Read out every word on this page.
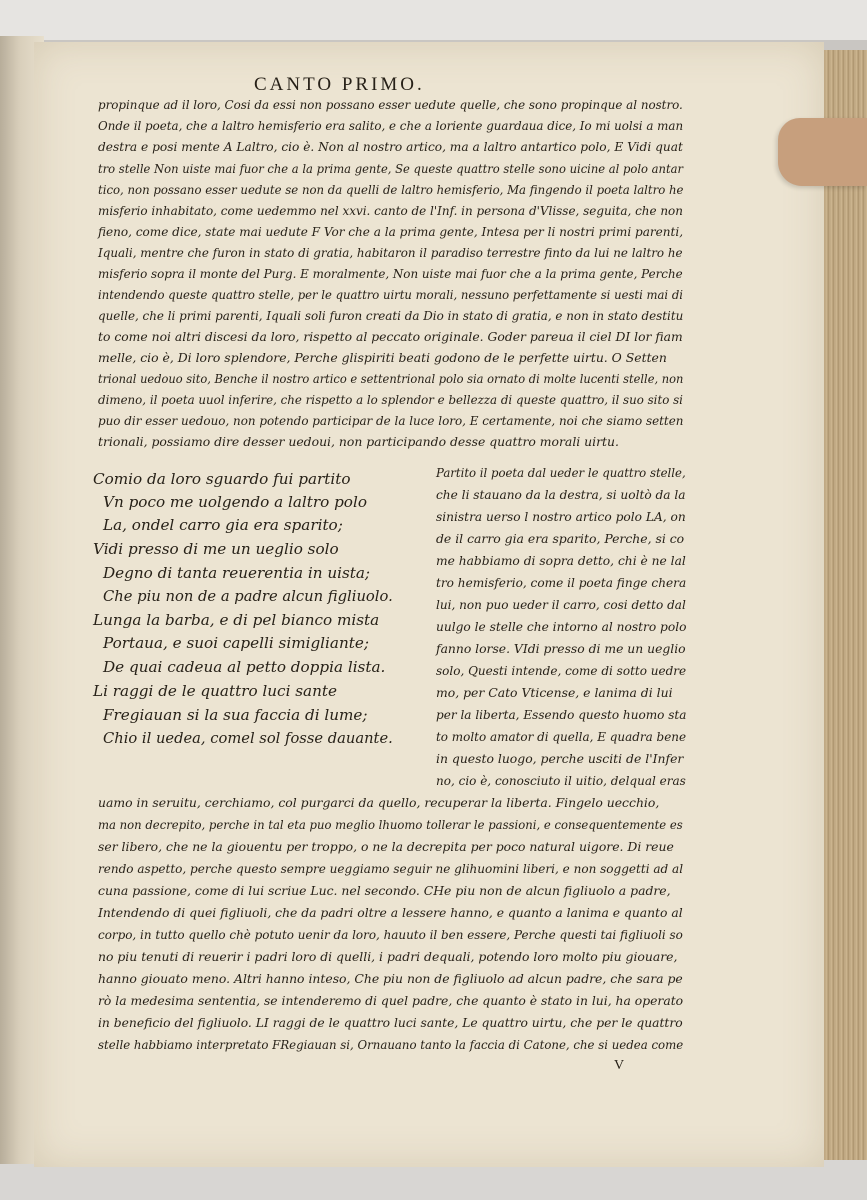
CANTO PRIMO.
propinque ad il loro, Cosi da essi non possano esser uedute quelle, che sono propinque al nostro.
Onde il poeta, che a laltro hemisferio era salito, e che a loriente guardaua dice, Io mi uolsi a man
destra e posi mente A Laltro, cio è. Non al nostro artico, ma a laltro antartico polo, E Vidi quat
tro stelle Non uiste mai fuor che a la prima gente, Se queste quattro stelle sono uicine al polo antar
tico, non possano esser uedute se non da quelli de laltro hemisferio, Ma fingendo il poeta laltro he
misferio inhabitato, come uedemmo nel xxvi. canto de l'Inf. in persona d'Vlisse, seguita, che non
fieno, come dice, state mai uedute F Vor che a la prima gente, Intesa per li nostri primi parenti,
Iquali, mentre che furon in stato di gratia, habitaron il paradiso terrestre finto da lui ne laltro he
misferio sopra il monte del Purg. E moralmente, Non uiste mai fuor che a la prima gente, Perche
intendendo queste quattro stelle, per le quattro uirtu morali, nessuno perfettamente si uesti mai di
quelle, che li primi parenti, Iquali soli furon creati da Dio in stato di gratia, e non in stato destitu
to come noi altri discesi da loro, rispetto al peccato originale. Goder pareua il ciel DI lor fiam
melle, cio è, Di loro splendore, Perche glispiriti beati godono de le perfette uirtu. O Setten
trional uedouo sito, Benche il nostro artico e settentrional polo sia ornato di molte lucenti stelle, non
dimeno, il poeta uuol inferire, che rispetto a lo splendor e bellezza di queste quattro, il suo sito si
puo dir esser uedouo, non potendo participar de la luce loro, E certamente, noi che siamo setten
trionali, possiamo dire desser uedoui, non participando desse quattro morali uirtu.
Comio da loro sguardo fui partito
Vn poco me uolgendo a laltro polo
La, ondel carro gia era sparito;
Vidi presso di me un ueglio solo
Degno di tanta reuerentia in uista;
Che piu non de a padre alcun figliuolo.
Lunga la barba, e di pel bianco mista
Portaua, e suoi capelli simigliante;
De quai cadeua al petto doppia lista.
Li raggi de le quattro luci sante
Fregiauan si la sua faccia di lume;
Chio il uedea, comel sol fosse dauante.
Partito il poeta dal ueder le quattro stelle,
che li stauano da la destra, si uoltò da la
sinistra uerso l nostro artico polo LA, on
de il carro gia era sparito, Perche, si co
me habbiamo di sopra detto, chi è ne lal
tro hemisferio, come il poeta finge chera
lui, non puo ueder il carro, cosi detto dal
uulgo le stelle che intorno al nostro polo
fanno lorse. VIdi presso di me un ueglio
solo, Questi intende, come di sotto uedre
mo, per Cato Vticense, e lanima di lui
per la liberta, Essendo questo huomo sta
to molto amator di quella, E quadra bene
in questo luogo, perche usciti de l'Infer
no, cio è, conosciuto il uitio, delqual eras
uamo in seruitu, cerchiamo, col purgarci da quello, recuperar la liberta. Fingelo uecchio,
ma non decrepito, perche in tal eta puo meglio lhuomo tollerar le passioni, e consequentemente es
ser libero, che ne la giouentu per troppo, o ne la decrepita per poco natural uigore. Di reue
rendo aspetto, perche questo sempre ueggiamo seguir ne glihuomini liberi, e non soggetti ad al
cuna passione, come di lui scriue Luc. nel secondo. CHe piu non de alcun figliuolo a padre,
Intendendo di quei figliuoli, che da padri oltre a lessere hanno, e quanto a lanima e quanto al
corpo, in tutto quello chè potuto uenir da loro, hauuto il ben essere, Perche questi tai figliuoli so
no piu tenuti di reuerir i padri loro di quelli, i padri dequali, potendo loro molto piu giouare,
hanno giouato meno. Altri hanno inteso, Che piu non de figliuolo ad alcun padre, che sara pe
rò la medesima sententia, se intenderemo di quel padre, che quanto è stato in lui, ha operato
in beneficio del figliuolo. LI raggi de le quattro luci sante, Le quattro uirtu, che per le quattro
stelle habbiamo interpretato FRegiauan si, Ornauano tanto la faccia di Catone, che si uedea come
V
